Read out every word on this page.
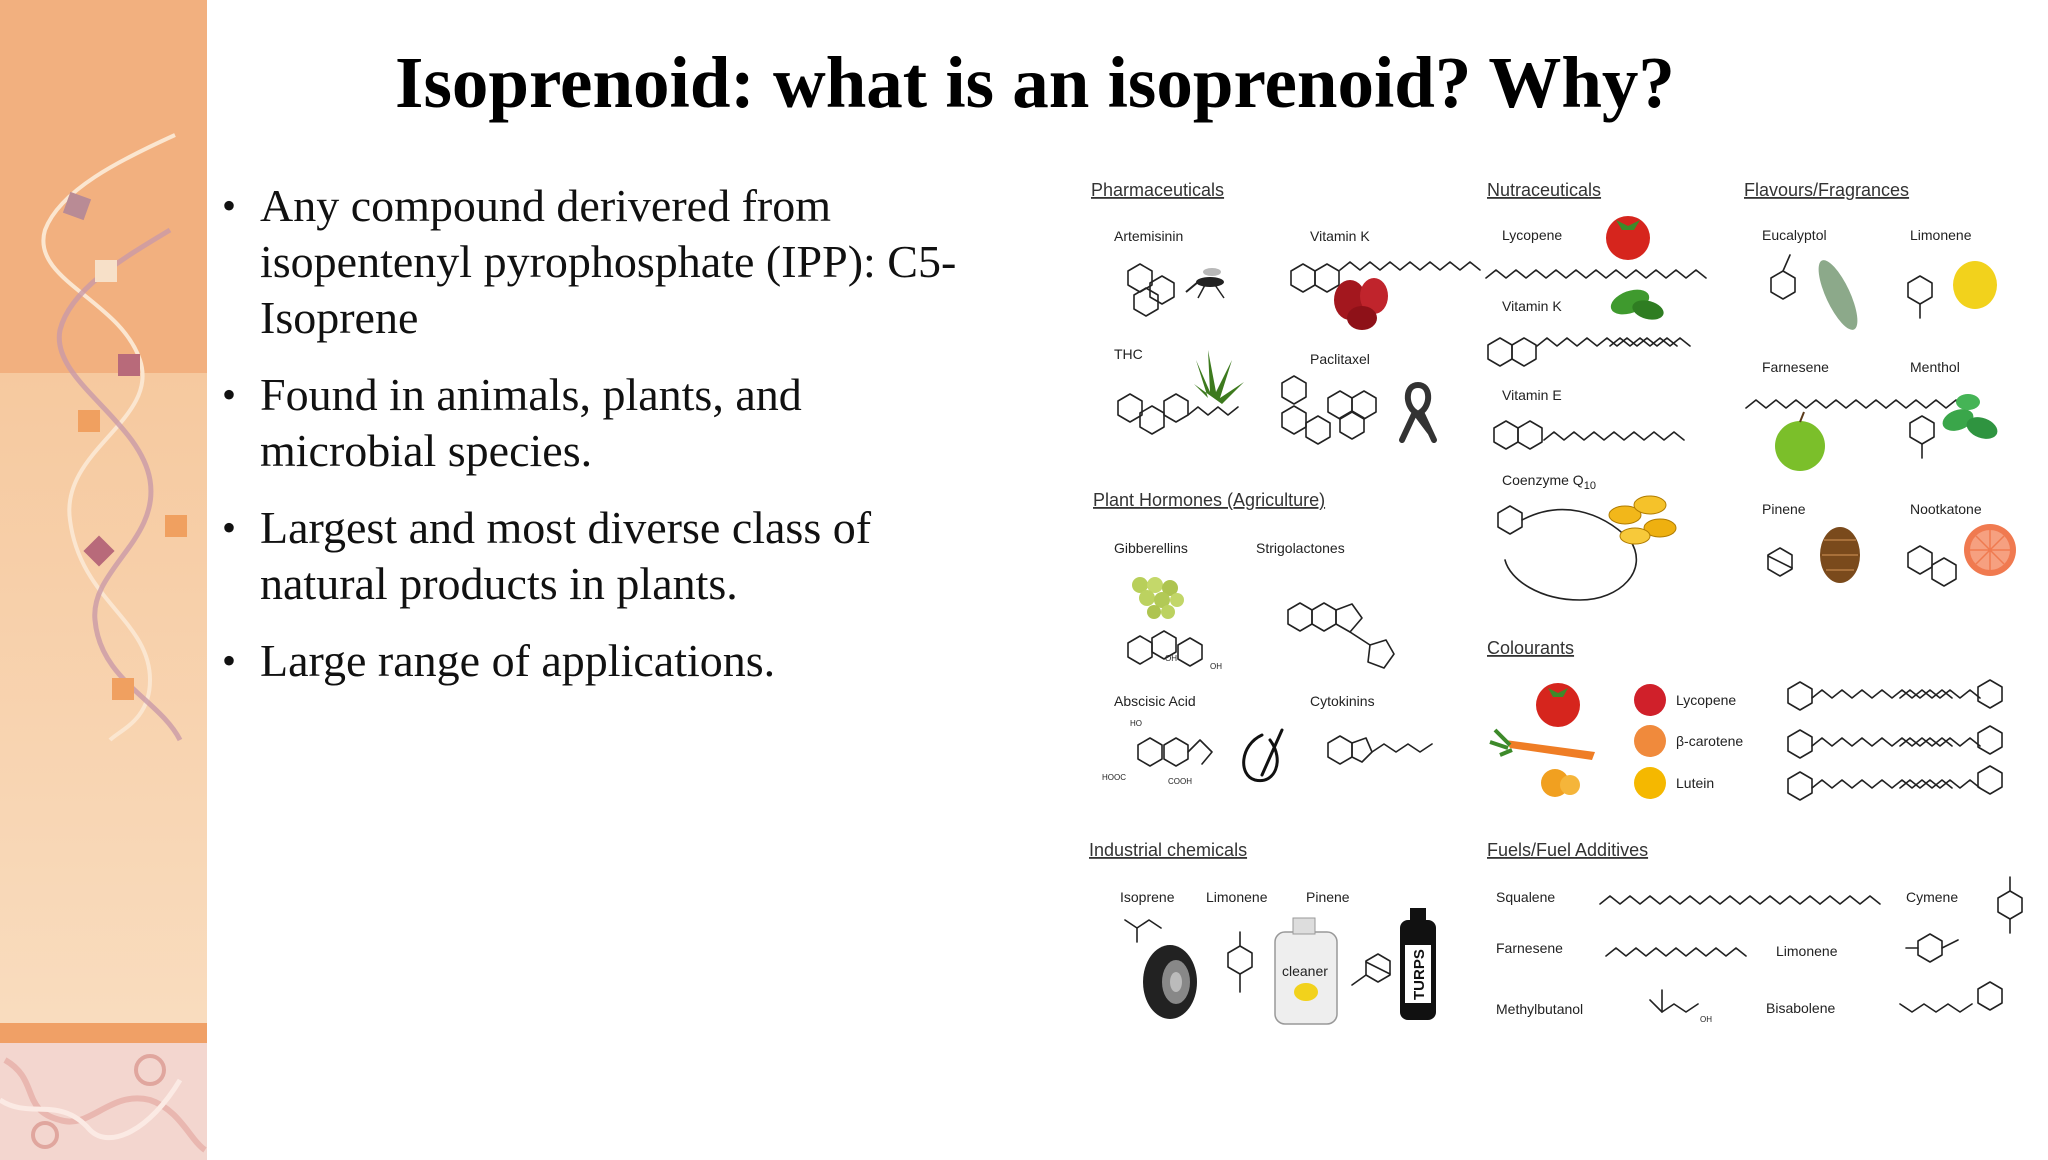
Isoprenoid: what is an isoprenoid? Why?
• Any compound derivered from isopentenyl pyrophosphate (IPP): C5-Isoprene
• Found in animals, plants, and microbial species.
• Largest and most diverse class of natural products in plants.
• Large range of applications.
Pharmaceuticals
Artemisinin	Vitamin K
THC	Paclitaxel
Nutraceuticals
Lycopene
Vitamin K
Vitamin E
Coenzyme $Q_{10}$
Flavours/Fragrances
Eucalyptol	Limonene
Farnesene	Menthol
Pinene	Nootkatone
Plant Hormones (Agriculture)
Gibberellins	Strigolactones
Abscisic Acid	Cytokinins
OH
OH
HOOC	COOH
HO
Colourants
Lycopene
β-carotene
Lutein
Industrial chemicals
Isoprene Limonene	Pinene
cleaner	TURPS
Fuels/Fuel Additives
Squalene	Cymene
Farnesene	Limonene
Methylbutanol	Bisabolene
OH
